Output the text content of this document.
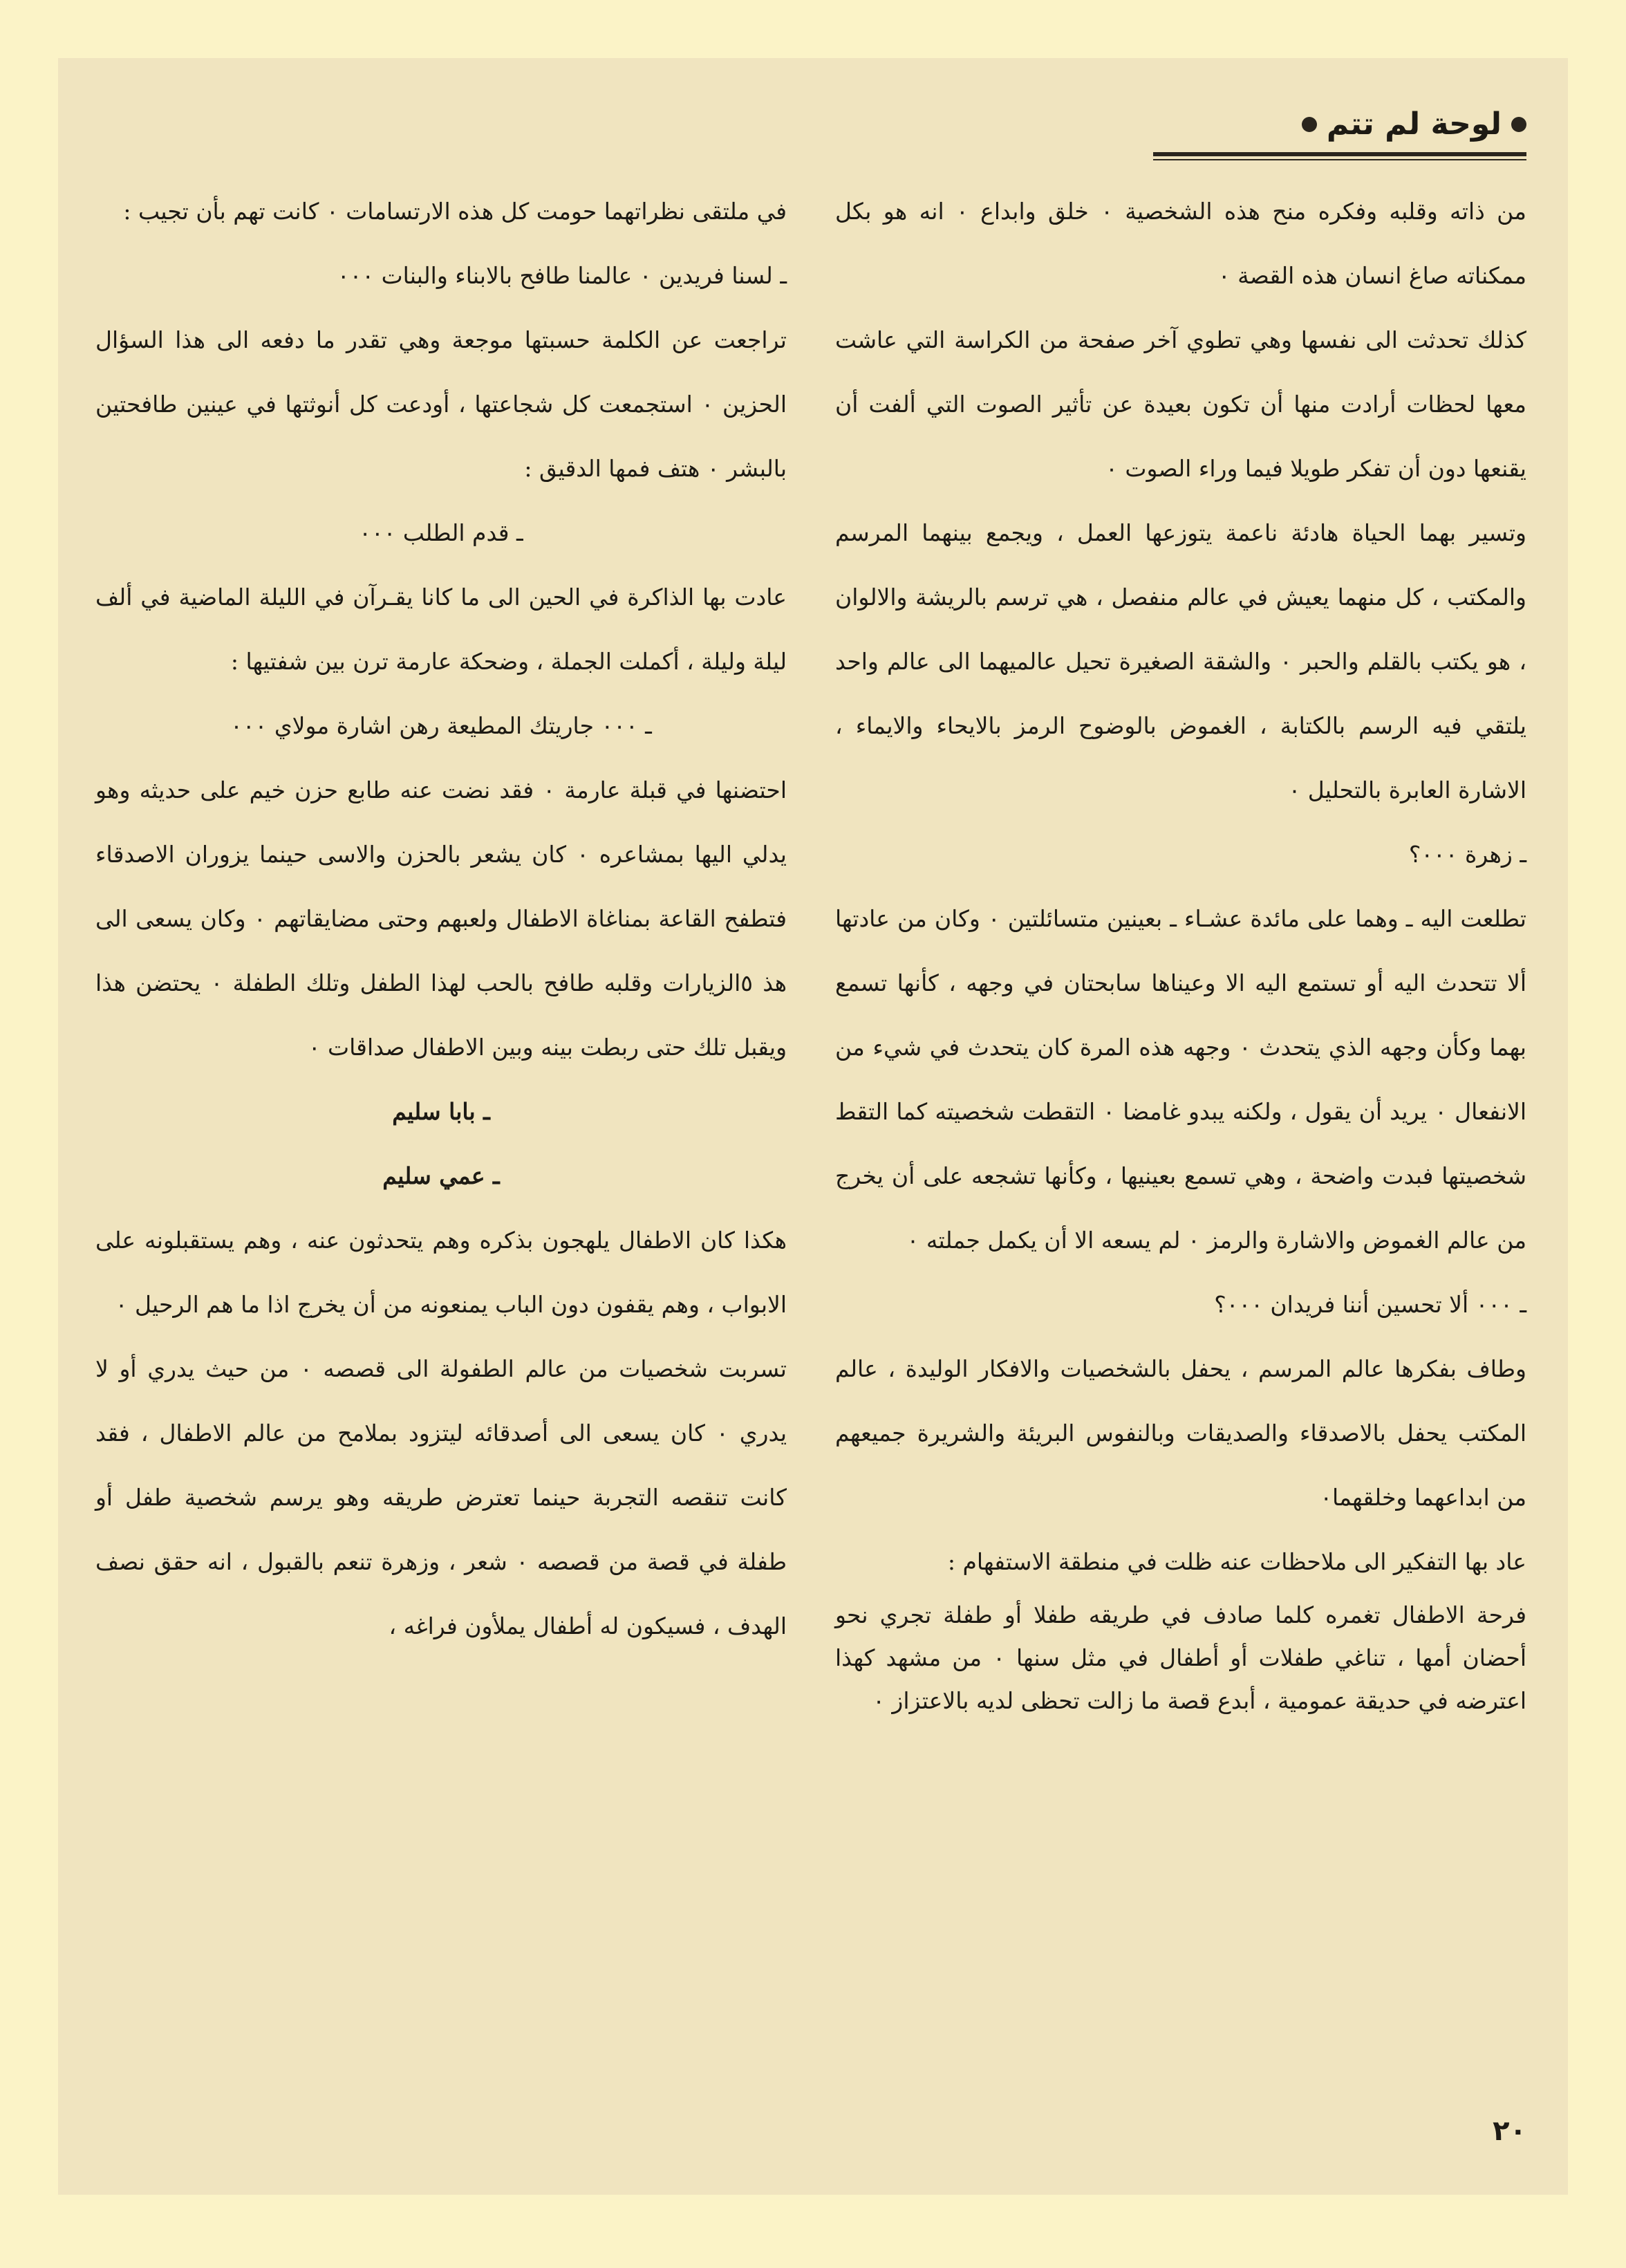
لوحة لم تتم

من ذاته وقلبه وفكره منح هذه الشخصية ٠ خلق وابداع ٠ انه هو بكل ممكناته صاغ انسان هذه القصة ٠

كذلك تحدثت الى نفسها وهي تطوي آخر صفحة من الكراسة التي عاشت معها لحظات أرادت منها أن تكون بعيدة عن تأثير الصوت التي ألفت أن يقنعها دون أن تفكر طويلا فيما وراء الصوت ٠

وتسير بهما الحياة هادئة ناعمة يتوزعها العمل ، ويجمع بينهما المرسم والمكتب ، كل منهما يعيش في عالم منفصل ، هي ترسم بالريشة والالوان ، هو يكتب بالقلم والحبر ٠ والشقة الصغيرة تحيل عالميهما الى عالم واحد يلتقي فيه الرسم بالكتابة ، الغموض بالوضوح الرمز بالايحاء والايماء ، الاشارة العابرة بالتحليل ٠

ـ زهرة ٠٠٠؟

تطلعت اليه ـ وهما على مائدة عشـاء ـ بعينين متسائلتين ٠ وكان من عادتها ألا تتحدث اليه أو تستمع اليه الا وعيناها سابحتان في وجهه ، كأنها تسمع بهما وكأن وجهه الذي يتحدث ٠ وجهه هذه المرة كان يتحدث في شيء من الانفعال ٠ يريد أن يقول ، ولكنه يبدو غامضا ٠ التقطت شخصيته كما التقط شخصيتها فبدت واضحة ، وهي تسمع بعينيها ، وكأنها تشجعه على أن يخرج من عالم الغموض والاشارة والرمز ٠ لم يسعه الا أن يكمل جملته ٠

ـ ٠٠٠ ألا تحسين أننا فريدان ٠٠٠؟

وطاف بفكرها عالم المرسم ، يحفل بالشخصيات والافكار الوليدة ، عالم المكتب يحفل بالاصدقاء والصديقات وبالنفوس البريئة والشريرة جميعهم من ابداعهما وخلقهما٠

عاد بها التفكير الى ملاحظات عنه ظلت في منطقة الاستفهام :

فرحة الاطفال تغمره كلما صادف في طريقه طفلا أو طفلة تجري نحو أحضان أمها ، تناغي طفلات أو أطفال في مثل سنها ٠ من مشهد كهذا اعترضه في حديقة عمومية ، أبدع قصة ما زالت تحظى لديه بالاعتزاز ٠

في ملتقى نظراتهما حومت كل هذه الارتسامات ٠ كانت تهم بأن تجيب :

ـ لسنا فريدين ٠ عالمنا طافح بالابناء والبنات ٠٠٠

تراجعت عن الكلمة حسبتها موجعة وهي تقدر ما دفعه الى هذا السؤال الحزين ٠ استجمعت كل شجاعتها ، أودعت كل أنوثتها في عينين طافحتين بالبشر ٠ هتف فمها الدقيق :

ـ قدم الطلب ٠٠٠

عادت بها الذاكرة في الحين الى ما كانا يقـرآن في الليلة الماضية في ألف ليلة وليلة ، أكملت الجملة ، وضحكة عارمة ترن بين شفتيها :

ـ ٠٠٠ جاريتك المطيعة رهن اشارة مولاي ٠٠٠

احتضنها في قبلة عارمة ٠ فقد نضت عنه طابع حزن خيم على حديثه وهو يدلي اليها بمشاعره ٠ كان يشعر بالحزن والاسى حينما يزوران الاصدقاء فتطفح القاعة بمناغاة الاطفال ولعبهم وحتى مضايقاتهم ٠ وكان يسعى الى هذ ٥الزيارات وقلبه طافح بالحب لهذا الطفل وتلك الطفلة ٠ يحتضن هذا ويقبل تلك حتى ربطت بينه وبين الاطفال صداقات ٠

ـ بابا سليم

ـ عمي سليم

هكذا كان الاطفال يلهجون بذكره وهم يتحدثون عنه ، وهم يستقبلونه على الابواب ، وهم يقفون دون الباب يمنعونه من أن يخرج اذا ما هم الرحيل ٠

تسربت شخصيات من عالم الطفولة الى قصصه ٠ من حيث يدري أو لا يدري ٠ كان يسعى الى أصدقائه ليتزود بملامح من عالم الاطفال ، فقد كانت تنقصه التجربة حينما تعترض طريقه وهو يرسم شخصية طفل أو طفلة في قصة من قصصه ٠ شعر ، وزهرة تنعم بالقبول ، انه حقق نصف الهدف ، فسيكون له أطفال يملأون فراغه ،

٢٠
